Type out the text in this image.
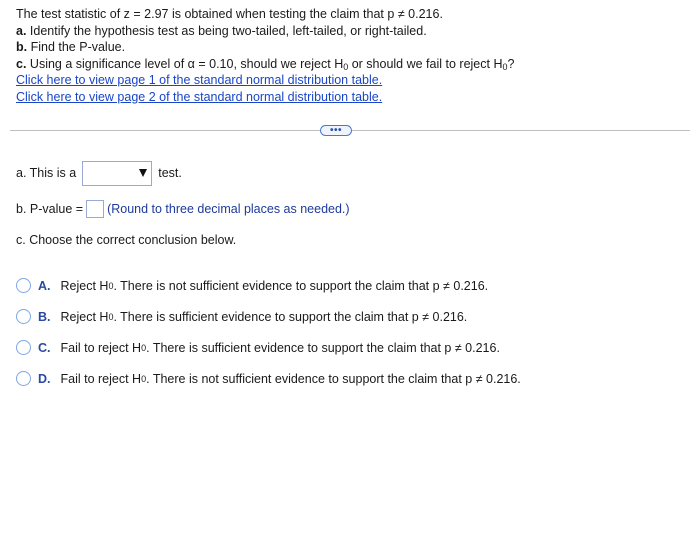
The test statistic of z = 2.97 is obtained when testing the claim that p ≠ 0.216.
a. Identify the hypothesis test as being two-tailed, left-tailed, or right-tailed.
b. Find the P-value.
c. Using a significance level of α = 0.10, should we reject $H_0$ or should we fail to reject $H_0$?
Click here to view page 1 of the standard normal distribution table.
Click here to view page 2 of the standard normal distribution table.
•••
a. This is a	test.
b. P-value = (Round to three decimal places as needed.)
c. Choose the correct conclusion below.
A. Reject H 0 . There is not sufficient evidence to support the claim that p ≠ 0.216.
B. Reject H 0 . There is sufficient evidence to support the claim that p ≠ 0.216.
C. Fail to reject H 0 . There is sufficient evidence to support the claim that p ≠ 0.216.
D. Fail to reject H 0 . There is not sufficient evidence to support the claim that p ≠ 0.216.
